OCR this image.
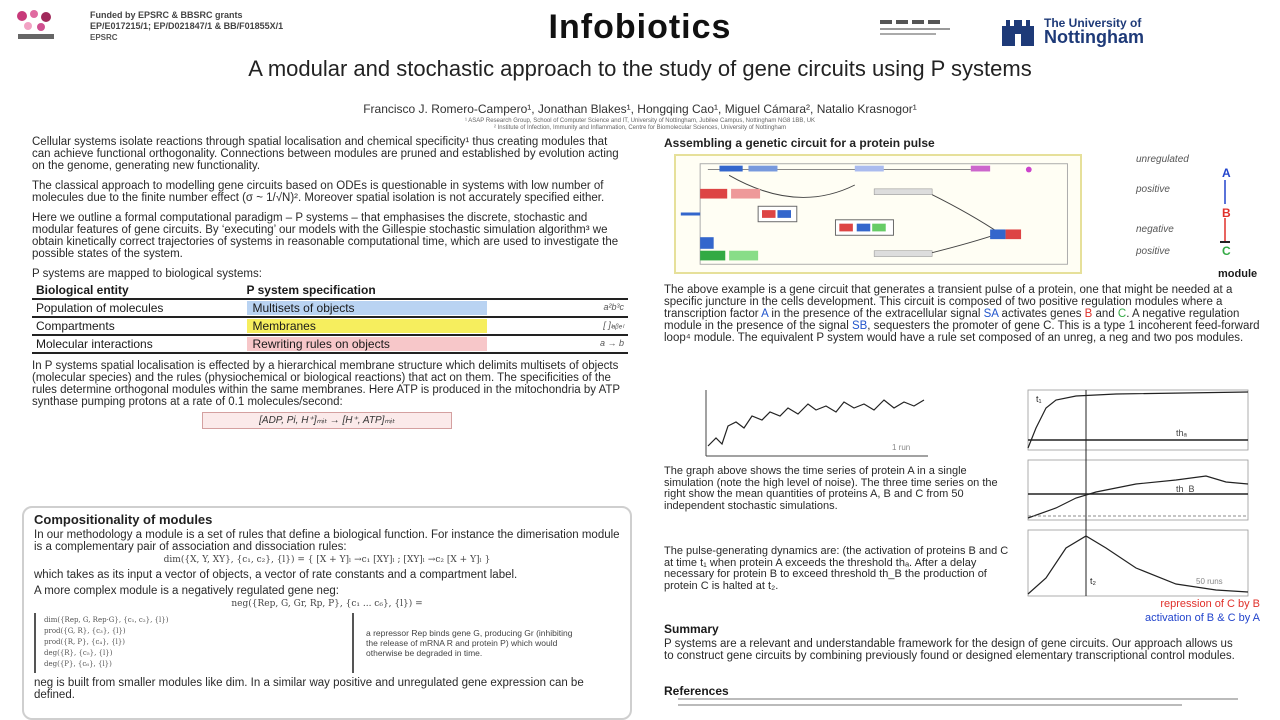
Funded by EPSRC & BBSRC grants
EP/E017215/1; EP/D021847/1 & BB/F01855X/1
EPSRC	Infobiotics	The University of
Nottingham
A modular and stochastic approach to the study of gene circuits using P systems
Francisco J. Romero-Campero¹, Jonathan Blakes¹, Hongqing Cao¹, Miguel Cámara², Natalio Krasnogor¹
¹ ASAP Research Group, School of Computer Science and IT, University of Nottingham, Jubilee Campus, Nottingham NG8 1BB, UK
² Institute of Infection, Immunity and Inflammation, Centre for Biomolecular Sciences, University of Nottingham

Cellular systems isolate reactions through spatial localisation and chemical specificity¹ thus creating modules that can achieve functional orthogonality. Connections between modules are pruned and established by evolution acting on the genome, generating new functionality.

The classical approach to modelling gene circuits based on ODEs is questionable in systems with low number of molecules due to the finite number effect (σ ~ 1/√N)². Moreover spatial isolation is not accurately specified either.

Here we outline a formal computational paradigm – P systems – that emphasises the discrete, stochastic and modular features of gene circuits. By ‘executing’ our models with the Gillespie stochastic simulation algorithm³ we obtain kinetically correct trajectories of systems in reasonable computational time, which are used to investigate the possible states of the system.

P systems are mapped to biological systems:

Biological entity	P system specification
Population of molecules	Multisets of objects a²b³c

Compartments	Membranes [ ]ₗₐᵦₑₗ

Molecular interactions	Rewriting rules on objects a → b

In P systems spatial localisation is effected by a hierarchical membrane structure which delimits multisets of objects (molecular species) and the rules (physiochemical or biological reactions) that act on them. The specificities of the rules determine orthogonal modules within the same membranes. Here ATP is produced in the mitochondria by ATP synthase pumping protons at a rate of 0.1 molecules/second:

[ADP, Pi, H⁺]ₘᵢₜ → [H⁺, ATP]ₘᵢₜ
Compositionality of modules

In our methodology a module is a set of rules that define a biological function. For instance the dimerisation module is a complementary pair of association and dissociation rules:

dim({X, Y, XY}, {c₁, c₂}, {l}) = { [X + Y]ₗ →c₁ [XY]ₗ ; [XY]ₗ →c₂ [X + Y]ₗ }

which takes as its input a vector of objects, a vector of rate constants and a compartment label.

A more complex module is a negatively regulated gene neg:

neg({Rep, G, Gr, Rp, P}, {c₁ ... c₆}, {l}) =
dim({Rep, G, Rep·G}, {c₁, c₂}, {l})
prod({G, R}, {c₃}, {l})
prod({R, P}, {c₄}, {l})
deg({R}, {c₅}, {l})
deg({P}, {c₆}, {l})
a repressor Rep binds gene G, producing Gr (inhibiting the release of mRNA R and protein P) which would otherwise be degraded in time.

neg is built from smaller modules like dim. In a similar way positive and unregulated gene expression can be defined.

Assembling a genetic circuit for a protein pulse
unregulated
positive
negative
positive
A
B
C
module

The above example is a gene circuit that generates a transient pulse of a protein, one that might be needed at a specific juncture in the cells development. This circuit is composed of two positive regulation modules where a transcription factor A in the presence of the extracellular signal SA activates genes B and C. A negative regulation module in the presence of the signal SB, sequesters the promoter of gene C. This is a type 1 incoherent feed-forward loop⁴ module. The equivalent P system would have a rule set composed of an unreg, a neg and two pos modules.

1 run

The graph above shows the time series of protein A in a single simulation (note the high level of noise). The three time series on the right show the mean quantities of proteins A, B and C from 50 independent stochastic simulations.

The pulse-generating dynamics are: (the activation of proteins B and C at time t₁ when protein A exceeds the threshold thₐ. After a delay necessary for protein B to exceed threshold th_B the production of protein C is halted at t₂.

t₁
thₐ
th_B
t₂	50 runs
repression of C by B
activation of B & C by A
Summary

P systems are a relevant and understandable framework for the design of gene circuits. Our approach allows us to construct gene circuits by combining previously found or designed elementary transcriptional control modules.

References
